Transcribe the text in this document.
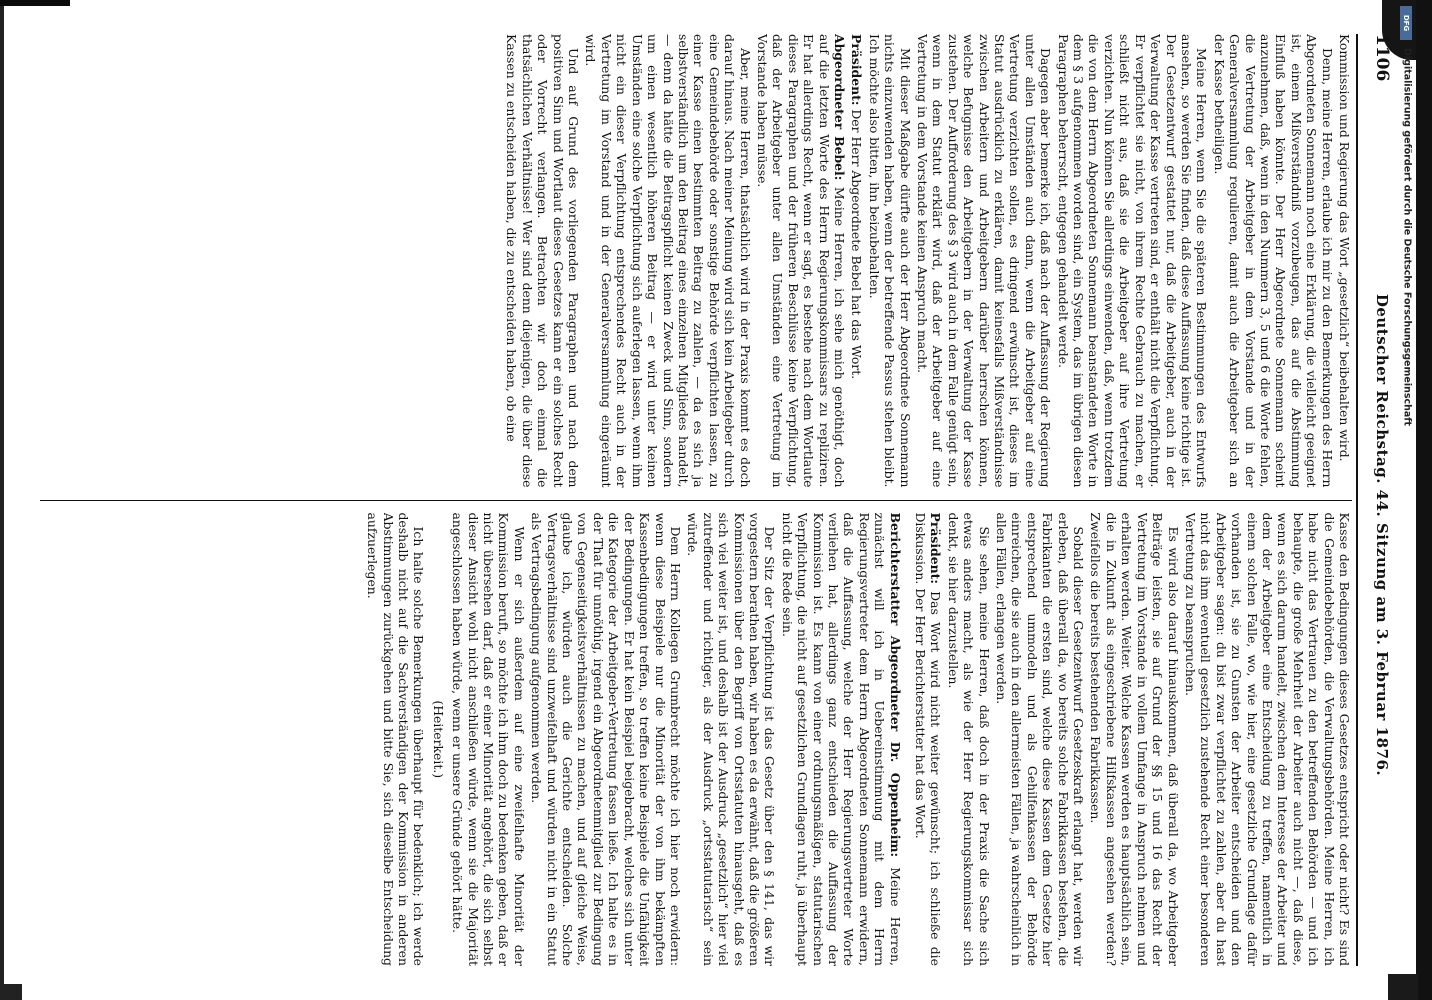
1106
Deutscher Reichstag. 44. Sitzung am 3. Februar 1876.

Kommission und Regierung das Wort „gesetzlich“ beibehalten wird.

Denn, meine Herren, erlaube ich mir zu den Bemerkungen des Herrn Abgeordneten Sonnemann noch eine Erklärung, die vielleicht geeignet ist, einem Mißverständniß vorzubeugen, das auf die Abstimmung Einfluß haben könnte. Der Herr Abgeordnete Sonnemann scheint anzunehmen, daß, wenn in den Nummern 3, 5 und 6 die Worte fehlen, die Vertretung der Arbeitgeber in dem Vorstande und in der Generalversammlung regulieren, damit auch die Arbeitgeber sich an der Kasse betheiligen.

Meine Herren, wenn Sie die späteren Bestimmungen des Entwurfs ansehen, so werden Sie finden, daß diese Auffassung keine richtige ist. Der Gesetzentwurf gestattet nur, daß die Arbeitgeber, auch in der Verwaltung der Kasse vertreten sind, er enthält nicht die Verpflichtung. Er verpflichtet sie nicht, von ihrem Rechte Gebrauch zu machen, er schließt nicht aus, daß sie die Arbeitgeber auf ihre Vertretung verzichten. Nun können Sie allerdings einwenden, daß, wenn trotzdem die von dem Herrn Abgeordneten Sonnemann beanstandeten Worte in dem § 3 aufgenommen worden sind, ein System, das im übrigen diesen Paragraphen beherrscht, entgegen gehandelt werde.

Dagegen aber bemerke ich, daß nach der Auffassung der Regierung unter allen Umständen auch dann, wenn die Arbeitgeber auf eine Vertretung verzichten sollen, es dringend erwünscht ist, dieses im Statut ausdrücklich zu erklären, damit keinesfalls Mißverständnisse zwischen Arbeitern und Arbeitgebern darüber herrschen können, welche Befugnisse den Arbeitgebern in der Verwaltung der Kasse zustehen. Der Aufforderung des § 3 wird auch in dem Falle genügt sein, wenn in dem Statut erklärt wird, daß der Arbeitgeber auf eine Vertretung in dem Vorstande keinen Anspruch macht.

Mit dieser Maßgabe dürfte auch der Herr Abgeordnete Sonnemann nichts einzuwenden haben, wenn der betreffende Passus stehen bleibt. Ich möchte also bitten, ihn beizubehalten.

Präsident: Der Herr Abgeordnete Bebel hat das Wort.

Abgeordneter Bebel: Meine Herren, ich sehe mich genöthigt, doch auf die letzten Worte des Herrn Regierungskommissars zu repliziren. Er hat allerdings Recht, wenn er sagt, es bestehe nach dem Wortlaute dieses Paragraphen und der früheren Beschlüsse keine Verpflichtung, daß der Arbeitgeber unter allen Umständen eine Vertretung im Vorstande haben müsse.

Aber, meine Herren, thatsächlich wird in der Praxis kommt es doch darauf hinaus. Nach meiner Meinung wird sich kein Arbeitgeber durch eine Gemeindebehörde oder sonstige Behörde verpflichten lassen, zu einer Kasse einen bestimmten Beitrag zu zahlen, — da es sich ja selbstverständlich um den Beitrag eines einzelnen Mitgliedes handelt, — denn da hätte die Beitragspflicht keinen Zweck und Sinn, sondern um einen wesentlich höheren Beitrag — er wird unter keinen Umständen eine solche Verpflichtung sich auferlegen lassen, wenn ihm nicht ein dieser Verpflichtung entsprechendes Recht auch in der Vertretung im Vorstand und in der Generalversammlung eingeräumt wird.

Und auf Grund des vorliegenden Paragraphen und nach dem positiven Sinn und Wortlaut dieses Gesetzes kann er ein solches Recht oder Vorrecht verlangen. Betrachten wir doch einmal die thatsächlichen Verhältnisse! Wer sind denn diejenigen, die über diese Kassen zu entscheiden haben, die zu entscheiden haben, ob eine

Kasse den Bedingungen dieses Gesetzes entspricht oder nicht? Es sind die Gemeindebehörden, die Verwaltungsbehörden. Meine Herren, ich habe nicht das Vertrauen zu den betreffenden Behörden — und ich behaupte, die große Mehrheit der Arbeiter auch nicht —, daß diese, wenn es sich darum handelt, zwischen dem Interesse der Arbeiter und dem der Arbeitgeber eine Entscheidung zu treffen, namentlich in einem solchen Falle, wo, wie hier, eine gesetzliche Grundlage dafür vorhanden ist, sie zu Gunsten der Arbeiter entscheiden und den Arbeitgeber sagen: du bist zwar verpflichtet zu zahlen, aber du hast nicht das ihm eventuell gesetzlich zustehende Recht einer besonderen Vertretung zu beanspruchen.

Es wird also darauf hinauskommen, daß überall da, wo Arbeitgeber Beiträge leisten, sie auf Grund der §§ 15 und 16 das Recht der Vertretung im Vorstande in vollem Umfange in Anspruch nehmen und erhalten werden. Weiter. Welche Kassen werden es hauptsächlich sein, die in Zukunft als eingeschriebene Hilfskassen angesehen werden? Zweifellos die bereits bestehenden Fabrikkassen.

Sobald dieser Gesetzentwurf Gesetzeskraft erlangt hat, werden wir erleben, daß überall da, wo bereits solche Fabrikkassen bestehen, die Fabrikanten die ersten sind, welche diese Kassen dem Gesetze hier entsprechend ummodeln und als Gehilfenkassen der Behörde einreichen, die sie auch in den allermeisten Fällen, ja wahrscheinlich in allen Fällen, erlangen werden.

Sie sehen, meine Herren, daß doch in der Praxis die Sache sich etwas anders macht, als wie der Herr Regierungskommissar sich denkt, sie hier darzustellen.

Präsident: Das Wort wird nicht weiter gewünscht; ich schließe die Diskussion. Der Herr Berichterstatter hat das Wort.

Berichterstatter Abgeordneter Dr. Oppenheim: Meine Herren, zunächst will ich in Uebereinstimmung mit dem Herrn Regierungsvertreter dem Herrn Abgeordneten Sonnemann erwidern, daß die Auffassung, welche der Herr Regierungsvertreter Worte verliehen hat, allerdings ganz entschieden die Auffassung der Kommission ist. Es kann von einer ordnungsmäßigen, statutarischen Verpflichtung, die nicht auf gesetzlichen Grundlagen ruht, ja überhaupt nicht die Rede sein.

Der Sitz der Verpflichtung ist das Gesetz über den § 141, das wir vorgestern berathen haben, wir haben es da erwähnt, daß die größeren Kommissionen über den Begriff von Ortsstatuten hinausgeht, daß es sich viel weiter ist, und deshalb ist der Ausdruck „gesetzlich“ hier viel zutreffender und richtiger, als der Ausdruck „ortsstatutarisch“ sein würde.

Dem Herrn Kollegen Grumbrecht möchte ich hier noch erwidern: wenn diese Beispiele nur die Minorität der von ihm bekämpften Kassenbedingungen treffen, so treffen keine Beispiele die Unfähigkeit der Bedingungen. Er hat kein Beispiel beigebracht, welches sich unter die Kategorie der Arbeitgeber-Vertretung fassen ließe. Ich halte es in der That für unnöthig, irgend ein Abgeordnetenmitglied zur Bedingung von Gegenseitigkeitsverhältnissen zu machen, und auf gleiche Weise, glaube ich, würden auch die Gerichte entscheiden. Solche Vertragsverhältnisse sind unzweifelhaft und würden nicht in ein Statut als Vertragsbedingung aufgenommen werden.

Wenn er sich außerdem auf eine zweifelhafte Minorität der Kommission beruft, so möchte ich ihm doch zu bedenken geben, daß er nicht übersehen darf, daß er einer Minorität angehört, die sich selbst dieser Ansicht wohl nicht anschließen würde, wenn sie die Majorität angeschlossen haben würde, wenn er unsere Gründe gehört hätte.

(Heiterkeit.)

Ich halte solche Bemerkungen überhaupt für bedenklich; ich werde deshalb nicht auf die Sachverständigen der Kommission in anderen Abstimmungen zurückgehen und bitte Sie, sich dieselbe Entscheidung aufzuerlegen.

DFG
Digitalisierung gefördert durch die Deutsche Forschungsgemeinschaft
